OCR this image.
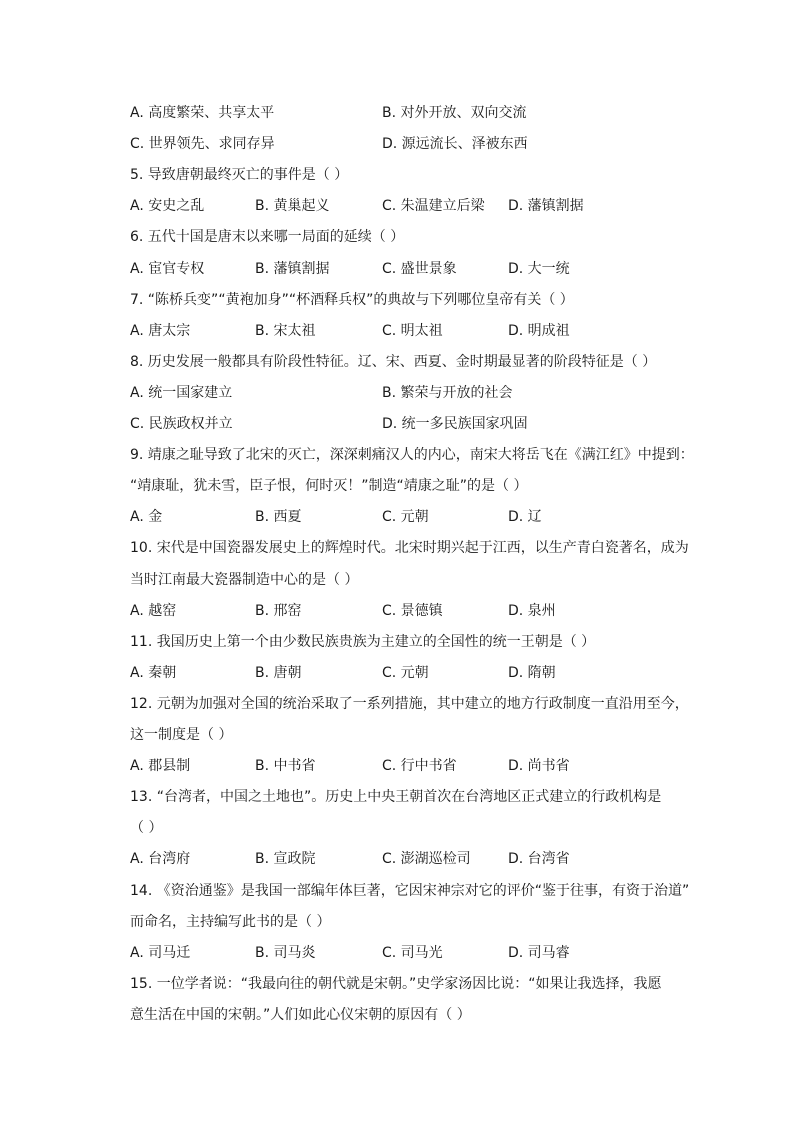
A. 高度繁荣、共享太平	B. 对外开放、双向交流
C. 世界领先、求同存异	D. 源远流长、泽被东西
5. 导致唐朝最终灭亡的事件是（ ）
A. 安史之乱	B. 黄巢起义	C. 朱温建立后梁 D. 藩镇割据
6. 五代十国是唐末以来哪一局面的延续（ ）
A. 宦官专权	B. 藩镇割据	C. 盛世景象	D. 大一统
7. “陈桥兵变”“黄袍加身”“杯酒释兵权”的典故与下列哪位皇帝有关（ ）
A. 唐太宗	B. 宋太祖	C. 明太祖	D. 明成祖
8. 历史发展一般都具有阶段性特征。辽、宋、西夏、金时期最显著的阶段特征是（ ）
A. 统一国家建立	B. 繁荣与开放的社会
C. 民族政权并立	D. 统一多民族国家巩固
9. 靖康之耻导致了北宋的灭亡，深深刺痛汉人的内心，南宋大将岳飞在《满江红》中提到：
“靖康耻，犹未雪，臣子恨，何时灭！”制造“靖康之耻”的是（ ）
A. 金	B. 西夏	C. 元朝	D. 辽
10. 宋代是中国瓷器发展史上的辉煌时代。北宋时期兴起于江西，以生产青白瓷著名，成为
当时江南最大瓷器制造中心的是（ ）
A. 越窑	B. 邢窑	C. 景德镇	D. 泉州
11. 我国历史上第一个由少数民族贵族为主建立的全国性的统一王朝是（ ）
A. 秦朝	B. 唐朝	C. 元朝	D. 隋朝
12. 元朝为加强对全国的统治采取了一系列措施，其中建立的地方行政制度一直沿用至今，
这一制度是（ ）
A. 郡县制	B. 中书省	C. 行中书省	D. 尚书省
13. “台湾者，中国之土地也”。历史上中央王朝首次在台湾地区正式建立的行政机构是
（ ）
A. 台湾府	B. 宣政院	C. 澎湖巡检司	D. 台湾省
14. 《资治通鉴》是我国一部编年体巨著，它因宋神宗对它的评价“鉴于往事，有资于治道”
而命名，主持编写此书的是（ ）
A. 司马迁	B. 司马炎	C. 司马光	D. 司马睿
15. 一位学者说：“我最向往的朝代就是宋朝。”史学家汤因比说：“如果让我选择，我愿
意生活在中国的宋朝。”人们如此心仪宋朝的原因有（ ）
